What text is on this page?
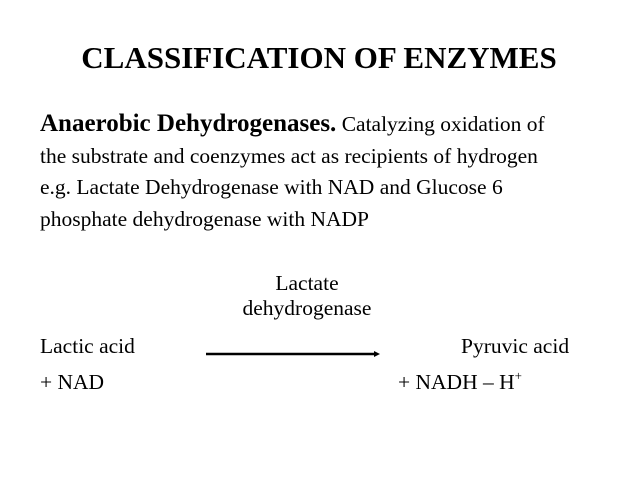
CLASSIFICATION OF ENZYMES
Anaerobic Dehydrogenases. Catalyzing oxidation of
the substrate and coenzymes act as recipients of hydrogen
e.g. Lactate Dehydrogenase with NAD and Glucose 6
phosphate dehydrogenase with NADP
Lactate
dehydrogenase
Lactic acid
+ NAD
Pyruvic acid
+ NADH – H+
